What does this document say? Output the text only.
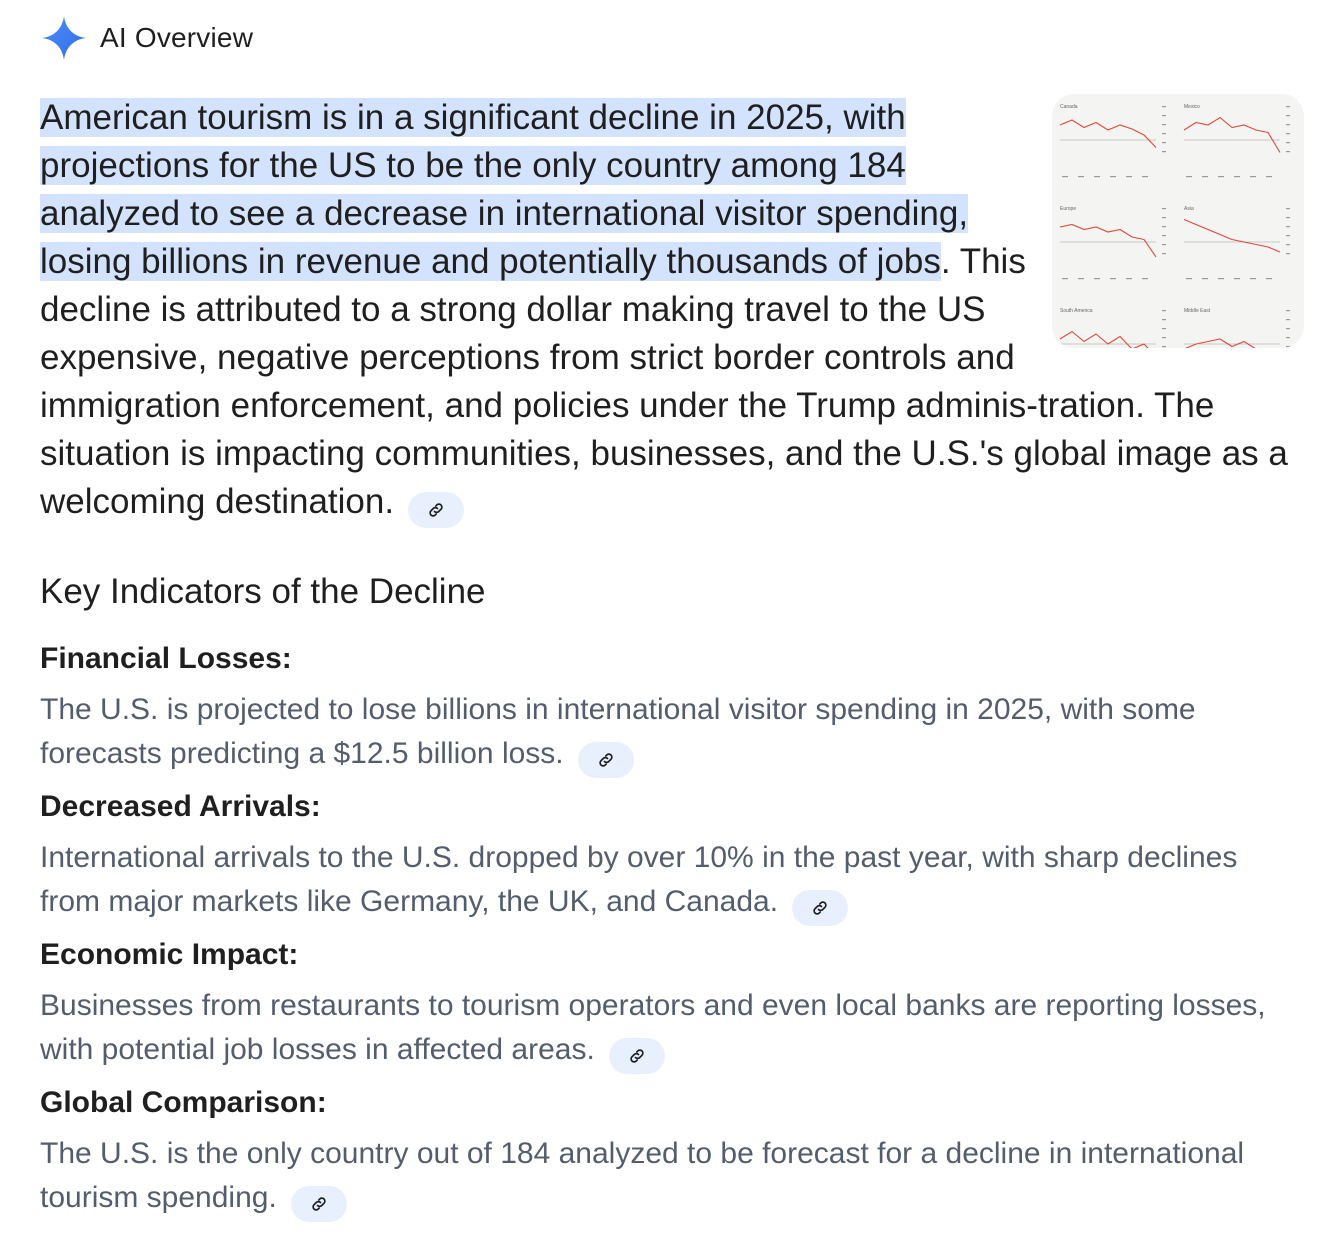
AI Overview
Canada	Mexico
Europe	Asia
South America	Middle East

American tourism is in a significant decline in 2025, with projections for the US to be the only country among 184 analyzed to see a decrease in international visitor spending, losing billions in revenue and potentially thousands of jobs. This decline is attributed to a strong dollar making travel to the US expensive, negative perceptions from strict border controls and immigration enforcement, and policies under the Trump adminis-tration. The situation is impacting communities, businesses, and the U.S.'s global image as a welcoming destination.

Key Indicators of the Decline
Financial Losses:
The U.S. is projected to lose billions in international visitor spending in 2025, with some forecasts predicting a $12.5 billion loss.
Decreased Arrivals:
International arrivals to the U.S. dropped by over 10% in the past year, with sharp declines from major markets like Germany, the UK, and Canada.
Economic Impact:
Businesses from restaurants to tourism operators and even local banks are reporting losses, with potential job losses in affected areas.
Global Comparison:
The U.S. is the only country out of 184 analyzed to be forecast for a decline in international tourism spending.
